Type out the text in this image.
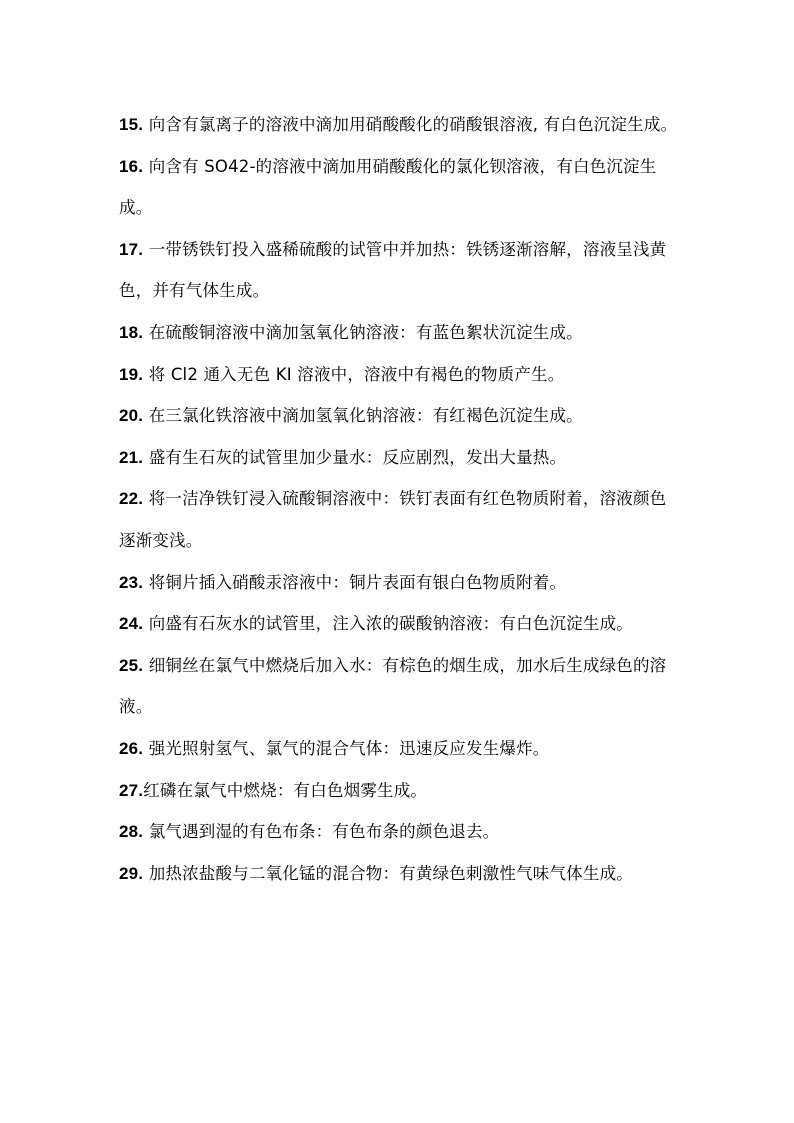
15. 向含有氯离子的溶液中滴加用硝酸酸化的硝酸银溶液, 有白色沉淀生成。

16. 向含有 SO42-的溶液中滴加用硝酸酸化的氯化钡溶液，有白色沉淀生成。

17. 一带锈铁钉投入盛稀硫酸的试管中并加热：铁锈逐渐溶解，溶液呈浅黄色，并有气体生成。

18. 在硫酸铜溶液中滴加氢氧化钠溶液：有蓝色絮状沉淀生成。

19. 将 Cl2 通入无色 KI 溶液中，溶液中有褐色的物质产生。

20. 在三氯化铁溶液中滴加氢氧化钠溶液：有红褐色沉淀生成。

21. 盛有生石灰的试管里加少量水：反应剧烈，发出大量热。

22. 将一洁净铁钉浸入硫酸铜溶液中：铁钉表面有红色物质附着，溶液颜色逐渐变浅。

23. 将铜片插入硝酸汞溶液中：铜片表面有银白色物质附着。

24. 向盛有石灰水的试管里，注入浓的碳酸钠溶液：有白色沉淀生成。

25. 细铜丝在氯气中燃烧后加入水：有棕色的烟生成，加水后生成绿色的溶液。

26. 强光照射氢气、氯气的混合气体：迅速反应发生爆炸。

27.红磷在氯气中燃烧：有白色烟雾生成。

28. 氯气遇到湿的有色布条：有色布条的颜色退去。

29. 加热浓盐酸与二氧化锰的混合物：有黄绿色刺激性气味气体生成。
